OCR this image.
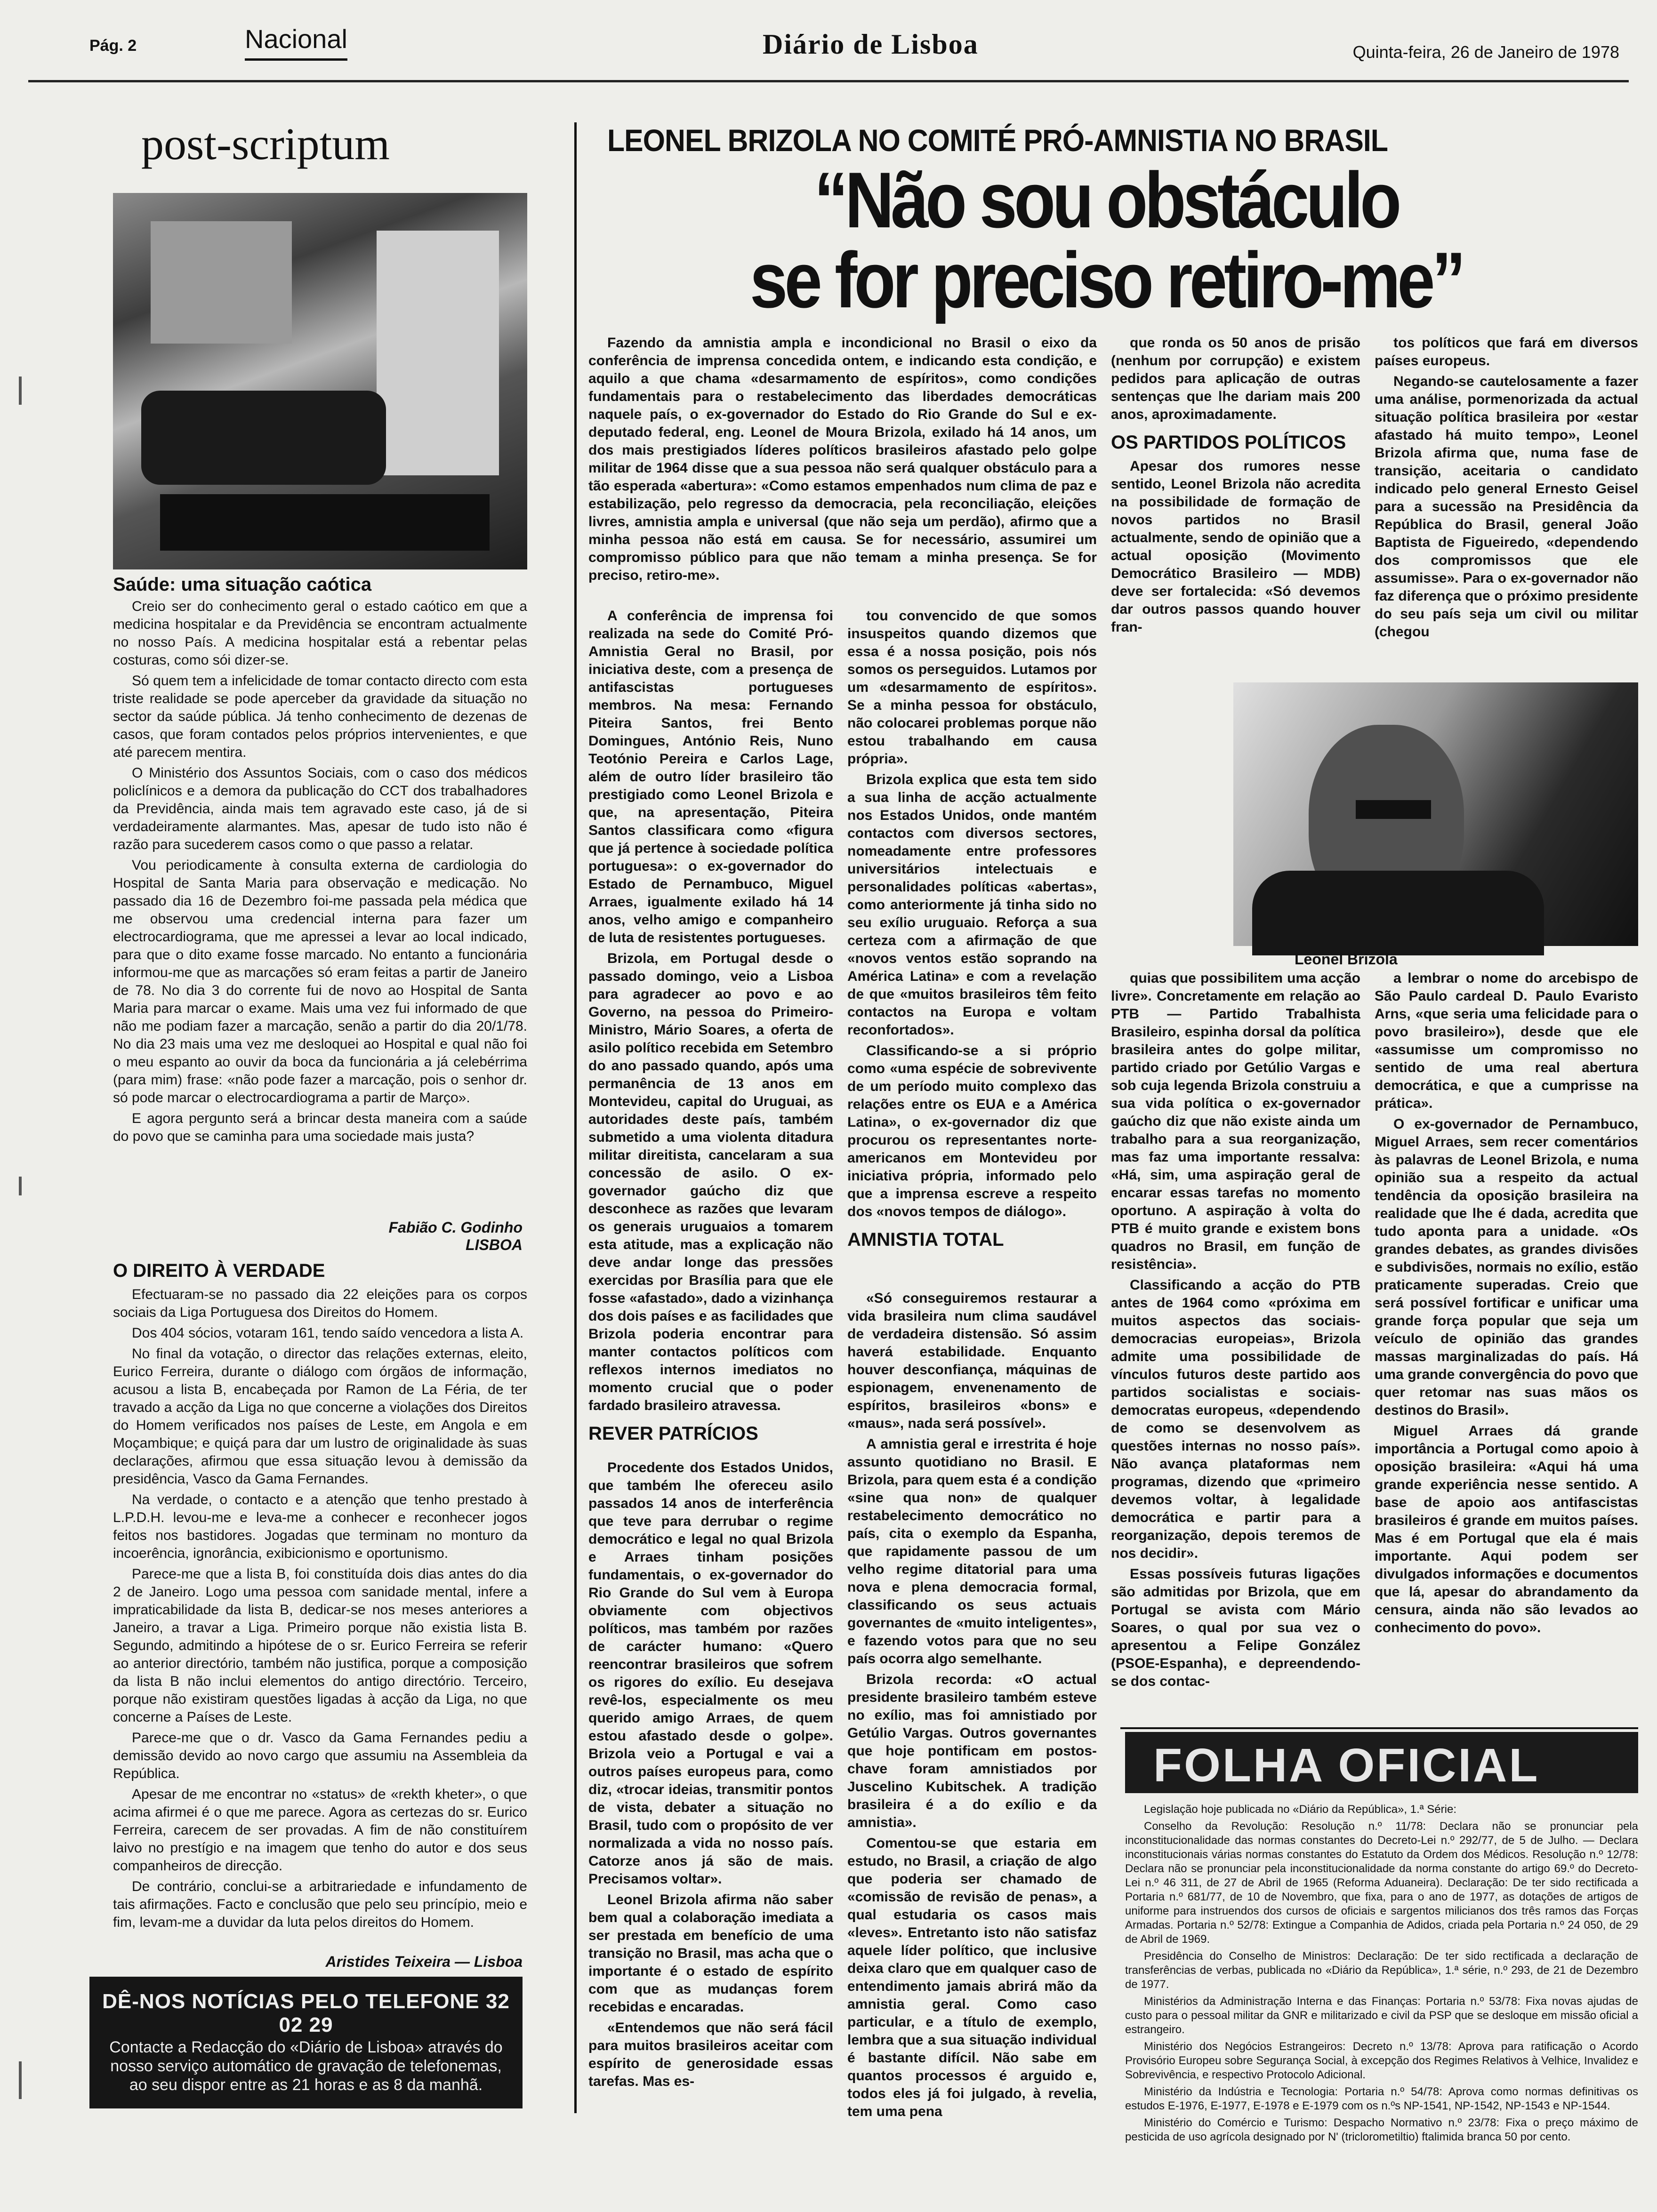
Pág. 2	Nacional	Diário de Lisboa	Quinta-feira, 26 de Janeiro de 1978
post-scriptum
Saúde: uma situação caótica

Creio ser do conhecimento geral o estado caótico em que a medicina hospitalar e da Previdência se encontram actualmente no nosso País. A medicina hospitalar está a rebentar pelas costuras, como sói dizer-se.

Só quem tem a infelicidade de tomar contacto directo com esta triste realidade se pode aperceber da gravidade da situação no sector da saúde pública. Já tenho conhecimento de dezenas de casos, que foram contados pelos próprios intervenientes, e que até parecem mentira.

O Ministério dos Assuntos Sociais, com o caso dos médicos policlínicos e a demora da publicação do CCT dos trabalhadores da Previdência, ainda mais tem agravado este caso, já de si verdadeiramente alarmantes. Mas, apesar de tudo isto não é razão para sucederem casos como o que passo a relatar.

Vou periodicamente à consulta externa de cardiologia do Hospital de Santa Maria para observação e medicação. No passado dia 16 de Dezembro foi-me passada pela médica que me observou uma credencial interna para fazer um electrocardiograma, que me apressei a levar ao local indicado, para que o dito exame fosse marcado. No entanto a funcionária informou-me que as marcações só eram feitas a partir de Janeiro de 78. No dia 3 do corrente fui de novo ao Hospital de Santa Maria para marcar o exame. Mais uma vez fui informado de que não me podiam fazer a marcação, senão a partir do dia 20/1/78. No dia 23 mais uma vez me desloquei ao Hospital e qual não foi o meu espanto ao ouvir da boca da funcionária a já celebérrima (para mim) frase: «não pode fazer a marcação, pois o senhor dr. só pode marcar o electrocardiograma a partir de Março».

E agora pergunto será a brincar desta maneira com a saúde do povo que se caminha para uma sociedade mais justa?

Fabião C. Godinho
LISBOA
O DIREITO À VERDADE

Efectuaram-se no passado dia 22 eleições para os corpos sociais da Liga Portuguesa dos Direitos do Homem.

Dos 404 sócios, votaram 161, tendo saído vencedora a lista A.

No final da votação, o director das relações externas, eleito, Eurico Ferreira, durante o diálogo com órgãos de informação, acusou a lista B, encabeçada por Ramon de La Féria, de ter travado a acção da Liga no que concerne a violações dos Direitos do Homem verificados nos países de Leste, em Angola e em Moçambique; e quiçá para dar um lustro de originalidade às suas declarações, afirmou que essa situação levou à demissão da presidência, Vasco da Gama Fernandes.

Na verdade, o contacto e a atenção que tenho prestado à L.P.D.H. levou-me e leva-me a conhecer e reconhecer jogos feitos nos bastidores. Jogadas que terminam no monturo da incoerência, ignorância, exibicionismo e oportunismo.

Parece-me que a lista B, foi constituída dois dias antes do dia 2 de Janeiro. Logo uma pessoa com sanidade mental, infere a impraticabilidade da lista B, dedicar-se nos meses anteriores a Janeiro, a travar a Liga. Primeiro porque não existia lista B. Segundo, admitindo a hipótese de o sr. Eurico Ferreira se referir ao anterior directório, também não justifica, porque a composição da lista B não inclui elementos do antigo directório. Terceiro, porque não existiram questões ligadas à acção da Liga, no que concerne a Países de Leste.

Parece-me que o dr. Vasco da Gama Fernandes pediu a demissão devido ao novo cargo que assumiu na Assembleia da República.

Apesar de me encontrar no «status» de «rekth kheter», o que acima afirmei é o que me parece. Agora as certezas do sr. Eurico Ferreira, carecem de ser provadas. A fim de não constituírem laivo no prestígio e na imagem que tenho do autor e dos seus companheiros de direcção.

De contrário, conclui-se a arbitrariedade e infundamento de tais afirmações. Facto e conclusão que pelo seu princípio, meio e fim, levam-me a duvidar da luta pelos direitos do Homem.

Aristides Teixeira — Lisboa
DÊ-NOS NOTÍCIAS PELO TELEFONE 32 02 29
Contacte a Redacção do «Diário de Lisboa» através do nosso serviço automático de gravação de telefonemas, ao seu dispor entre as 21 horas e as 8 da manhã.
LEONEL BRIZOLA NO COMITÉ PRÓ-AMNISTIA NO BRASIL
“Não sou obstáculo
se for preciso retiro-me”

Fazendo da amnistia ampla e incondicional no Brasil o eixo da conferência de imprensa concedida ontem, e indicando esta condição, e aquilo a que chama «desarmamento de espíritos», como condições fundamentais para o restabelecimento das liberdades democráticas naquele país, o ex-governador do Estado do Rio Grande do Sul e ex-deputado federal, eng. Leonel de Moura Brizola, exilado há 14 anos, um dos mais prestigiados líderes políticos brasileiros afastado pelo golpe militar de 1964 disse que a sua pessoa não será qualquer obstáculo para a tão esperada «abertura»: «Como estamos empenhados num clima de paz e estabilização, pelo regresso da democracia, pela reconciliação, eleições livres, amnistia ampla e universal (que não seja um perdão), afirmo que a minha pessoa não está em causa. Se for necessário, assumirei um compromisso público para que não temam a minha presença. Se for preciso, retiro-me».

A conferência de imprensa foi realizada na sede do Comité Pró-Amnistia Geral no Brasil, por iniciativa deste, com a presença de antifascistas portugueses membros. Na mesa: Fernando Piteira Santos, frei Bento Domingues, António Reis, Nuno Teotónio Pereira e Carlos Lage, além de outro líder brasileiro tão prestigiado como Leonel Brizola e que, na apresentação, Piteira Santos classificara como «figura que já pertence à sociedade política portuguesa»: o ex-governador do Estado de Pernambuco, Miguel Arraes, igualmente exilado há 14 anos, velho amigo e companheiro de luta de resistentes portugueses.

Brizola, em Portugal desde o passado domingo, veio a Lisboa para agradecer ao povo e ao Governo, na pessoa do Primeiro-Ministro, Mário Soares, a oferta de asilo político recebida em Setembro do ano passado quando, após uma permanência de 13 anos em Montevideu, capital do Uruguai, as autoridades deste país, também submetido a uma violenta ditadura militar direitista, cancelaram a sua concessão de asilo. O ex-governador gaúcho diz que desconhece as razões que levaram os generais uruguaios a tomarem esta atitude, mas a explicação não deve andar longe das pressões exercidas por Brasília para que ele fosse «afastado», dado a vizinhança dos dois países e as facilidades que Brizola poderia encontrar para manter contactos políticos com reflexos internos imediatos no momento crucial que o poder fardado brasileiro atravessa.

REVER PATRÍCIOS

Procedente dos Estados Unidos, que também lhe ofereceu asilo passados 14 anos de interferência que teve para derrubar o regime democrático e legal no qual Brizola e Arraes tinham posições fundamentais, o ex-governador do Rio Grande do Sul vem à Europa obviamente com objectivos políticos, mas também por razões de carácter humano: «Quero reencontrar brasileiros que sofrem os rigores do exílio. Eu desejava revê-los, especialmente os meu querido amigo Arraes, de quem estou afastado desde o golpe». Brizola veio a Portugal e vai a outros países europeus para, como diz, «trocar ideias, transmitir pontos de vista, debater a situação no Brasil, tudo com o propósito de ver normalizada a vida no nosso país. Catorze anos já são de mais. Precisamos voltar».

Leonel Brizola afirma não saber bem qual a colaboração imediata a ser prestada em benefício de uma transição no Brasil, mas acha que o importante é o estado de espírito com que as mudanças forem recebidas e encaradas.

«Entendemos que não será fácil para muitos brasileiros aceitar com espírito de generosidade essas tarefas. Mas es-

tou convencido de que somos insuspeitos quando dizemos que essa é a nossa posição, pois nós somos os perseguidos. Lutamos por um «desarmamento de espíritos». Se a minha pessoa for obstáculo, não colocarei problemas porque não estou trabalhando em causa própria».

Brizola explica que esta tem sido a sua linha de acção actualmente nos Estados Unidos, onde mantém contactos com diversos sectores, nomeadamente entre professores universitários intelectuais e personalidades políticas «abertas», como anteriormente já tinha sido no seu exílio uruguaio. Reforça a sua certeza com a afirmação de que «novos ventos estão soprando na América Latina» e com a revelação de que «muitos brasileiros têm feito contactos na Europa e voltam reconfortados».

Classificando-se a si próprio como «uma espécie de sobrevivente de um período muito complexo das relações entre os EUA e a América Latina», o ex-governador diz que procurou os representantes norte-americanos em Montevideu por iniciativa própria, informado pelo que a imprensa escreve a respeito dos «novos tempos de diálogo».

AMNISTIA TOTAL

«Só conseguiremos restaurar a vida brasileira num clima saudável de verdadeira distensão. Só assim haverá estabilidade. Enquanto houver desconfiança, máquinas de espionagem, envenenamento de espíritos, brasileiros «bons» e «maus», nada será possível».

A amnistia geral e irrestrita é hoje assunto quotidiano no Brasil. E Brizola, para quem esta é a condição «sine qua non» de qualquer restabelecimento democrático no país, cita o exemplo da Espanha, que rapidamente passou de um velho regime ditatorial para uma nova e plena democracia formal, classificando os seus actuais governantes de «muito inteligentes», e fazendo votos para que no seu país ocorra algo semelhante.

Brizola recorda: «O actual presidente brasileiro também esteve no exílio, mas foi amnistiado por Getúlio Vargas. Outros governantes que hoje pontificam em postos-chave foram amnistiados por Juscelino Kubitschek. A tradição brasileira é a do exílio e da amnistia».

Comentou-se que estaria em estudo, no Brasil, a criação de algo que poderia ser chamado de «comissão de revisão de penas», a qual estudaria os casos mais «leves». Entretanto isto não satisfaz aquele líder político, que inclusive deixa claro que em qualquer caso de entendimento jamais abrirá mão da amnistia geral. Como caso particular, e a título de exemplo, lembra que a sua situação individual é bastante difícil. Não sabe em quantos processos é arguido e, todos eles já foi julgado, à revelia, tem uma pena

que ronda os 50 anos de prisão (nenhum por corrupção) e existem pedidos para aplicação de outras sentenças que lhe dariam mais 200 anos, aproximadamente.

OS PARTIDOS POLÍTICOS

Apesar dos rumores nesse sentido, Leonel Brizola não acredita na possibilidade de formação de novos partidos no Brasil actualmente, sendo de opinião que a actual oposição (Movimento Democrático Brasileiro — MDB) deve ser fortalecida: «Só devemos dar outros passos quando houver fran-

tos políticos que fará em diversos países europeus.

Negando-se cautelosamente a fazer uma análise, pormenorizada da actual situação política brasileira por «estar afastado há muito tempo», Leonel Brizola afirma que, numa fase de transição, aceitaria o candidato indicado pelo general Ernesto Geisel para a sucessão na Presidência da República do Brasil, general João Baptista de Figueiredo, «dependendo dos compromissos que ele assumisse». Para o ex-governador não faz diferença que o próximo presidente do seu país seja um civil ou militar (chegou

Leonel Brizola

quias que possibilitem uma acção livre». Concretamente em relação ao PTB — Partido Trabalhista Brasileiro, espinha dorsal da política brasileira antes do golpe militar, partido criado por Getúlio Vargas e sob cuja legenda Brizola construiu a sua vida política o ex-governador gaúcho diz que não existe ainda um trabalho para a sua reorganização, mas faz uma importante ressalva: «Há, sim, uma aspiração geral de encarar essas tarefas no momento oportuno. A aspiração à volta do PTB é muito grande e existem bons quadros no Brasil, em função de resistência».

Classificando a acção do PTB antes de 1964 como «próxima em muitos aspectos das sociais-democracias europeias», Brizola admite uma possibilidade de vínculos futuros deste partido aos partidos socialistas e sociais-democratas europeus, «dependendo de como se desenvolvem as questões internas no nosso país». Não avança plataformas nem programas, dizendo que «primeiro devemos voltar, à legalidade democrática e partir para a reorganização, depois teremos de nos decidir».

Essas possíveis futuras ligações são admitidas por Brizola, que em Portugal se avista com Mário Soares, o qual por sua vez o apresentou a Felipe González (PSOE-Espanha), e depreendendo-se dos contac-

a lembrar o nome do arcebispo de São Paulo cardeal D. Paulo Evaristo Arns, «que seria uma felicidade para o povo brasileiro»), desde que ele «assumisse um compromisso no sentido de uma real abertura democrática, e que a cumprisse na prática».

O ex-governador de Pernambuco, Miguel Arraes, sem recer comentários às palavras de Leonel Brizola, e numa opinião sua a respeito da actual tendência da oposição brasileira na realidade que lhe é dada, acredita que tudo aponta para a unidade. «Os grandes debates, as grandes divisões e subdivisões, normais no exílio, estão praticamente superadas. Creio que será possível fortificar e unificar uma grande força popular que seja um veículo de opinião das grandes massas marginalizadas do país. Há uma grande convergência do povo que quer retomar nas suas mãos os destinos do Brasil».

Miguel Arraes dá grande importância a Portugal como apoio à oposição brasileira: «Aqui há uma grande experiência nesse sentido. A base de apoio aos antifascistas brasileiros é grande em muitos países. Mas é em Portugal que ela é mais importante. Aqui podem ser divulgados informações e documentos que lá, apesar do abrandamento da censura, ainda não são levados ao conhecimento do povo».

FOLHA OFICIAL

Legislação hoje publicada no «Diário da República», 1.ª Série:

Conselho da Revolução: Resolução n.º 11/78: Declara não se pronunciar pela inconstitucionalidade das normas constantes do Decreto-Lei n.º 292/77, de 5 de Julho. — Declara inconstitucionais várias normas constantes do Estatuto da Ordem dos Médicos. Resolução n.º 12/78: Declara não se pronunciar pela inconstitucionalidade da norma constante do artigo 69.º do Decreto-Lei n.º 46 311, de 27 de Abril de 1965 (Reforma Aduaneira). Declaração: De ter sido rectificada a Portaria n.º 681/77, de 10 de Novembro, que fixa, para o ano de 1977, as dotações de artigos de uniforme para instruendos dos cursos de oficiais e sargentos milicianos dos três ramos das Forças Armadas. Portaria n.º 52/78: Extingue a Companhia de Adidos, criada pela Portaria n.º 24 050, de 29 de Abril de 1969.

Presidência do Conselho de Ministros: Declaração: De ter sido rectificada a declaração de transferências de verbas, publicada no «Diário da República», 1.ª série, n.º 293, de 21 de Dezembro de 1977.

Ministérios da Administração Interna e das Finanças: Portaria n.º 53/78: Fixa novas ajudas de custo para o pessoal militar da GNR e militarizado e civil da PSP que se desloque em missão oficial a estrangeiro.

Ministério dos Negócios Estrangeiros: Decreto n.º 13/78: Aprova para ratificação o Acordo Provisório Europeu sobre Segurança Social, à excepção dos Regimes Relativos à Velhice, Invalidez e Sobrevivência, e respectivo Protocolo Adicional.

Ministério da Indústria e Tecnologia: Portaria n.º 54/78: Aprova como normas definitivas os estudos E-1976, E-1977, E-1978 e E-1979 com os n.ºs NP-1541, NP-1542, NP-1543 e NP-1544.

Ministério do Comércio e Turismo: Despacho Normativo n.º 23/78: Fixa o preço máximo de pesticida de uso agrícola designado por N' (triclorometiltio) ftalimida branca 50 por cento.
